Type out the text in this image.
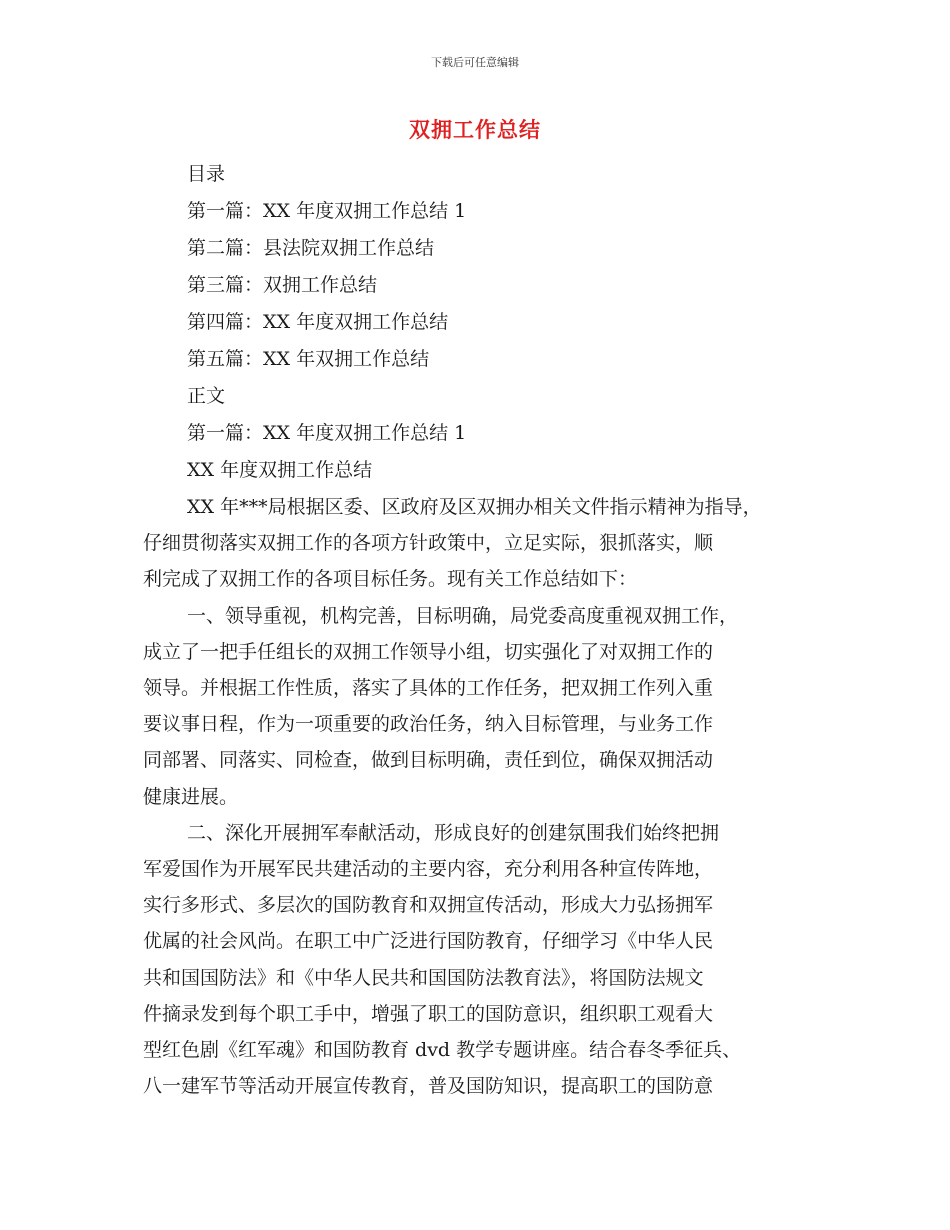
下载后可任意编辑
双拥工作总结
目录
第一篇：XX 年度双拥工作总结 1
第二篇：县法院双拥工作总结
第三篇：双拥工作总结
第四篇：XX 年度双拥工作总结
第五篇：XX 年双拥工作总结
正文
第一篇：XX 年度双拥工作总结 1
XX 年度双拥工作总结
XX 年***局根据区委、区政府及区双拥办相关文件指示精神为指导，
仔细贯彻落实双拥工作的各项方针政策中，立足实际，狠抓落实，顺
利完成了双拥工作的各项目标任务。现有关工作总结如下：
一、领导重视，机构完善，目标明确，局党委高度重视双拥工作，
成立了一把手任组长的双拥工作领导小组，切实强化了对双拥工作的
领导。并根据工作性质，落实了具体的工作任务，把双拥工作列入重
要议事日程，作为一项重要的政治任务，纳入目标管理，与业务工作
同部署、同落实、同检查，做到目标明确，责任到位，确保双拥活动
健康进展。
二、深化开展拥军奉献活动，形成良好的创建氛围我们始终把拥
军爱国作为开展军民共建活动的主要内容，充分利用各种宣传阵地，
实行多形式、多层次的国防教育和双拥宣传活动，形成大力弘扬拥军
优属的社会风尚。在职工中广泛进行国防教育，仔细学习《中华人民
共和国国防法》和《中华人民共和国国防法教育法》，将国防法规文
件摘录发到每个职工手中，增强了职工的国防意识，组织职工观看大
型红色剧《红军魂》和国防教育 dvd 教学专题讲座。结合春冬季征兵、
八一建军节等活动开展宣传教育，普及国防知识，提高职工的国防意
